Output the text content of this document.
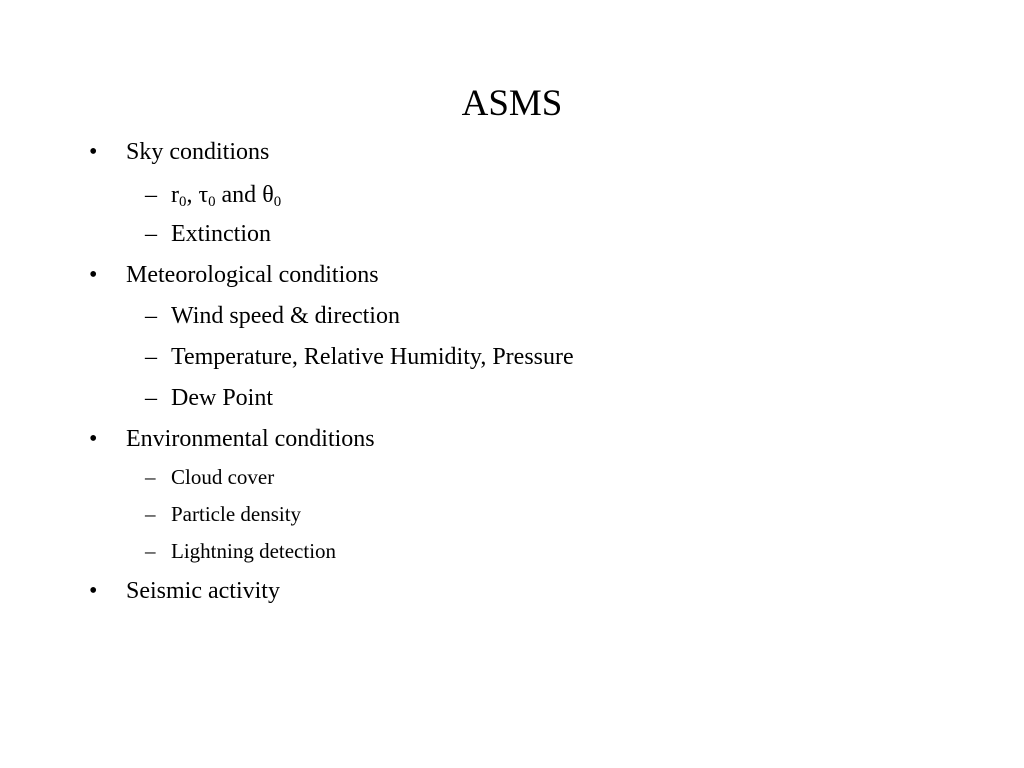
ASMS
• Sky conditions
– $r_0$, $\tau_0$ and $\theta_0$
– Extinction
• Meteorological conditions
– Wind speed & direction
– Temperature, Relative Humidity, Pressure
– Dew Point
• Environmental conditions
– Cloud cover
– Particle density
– Lightning detection
• Seismic activity
